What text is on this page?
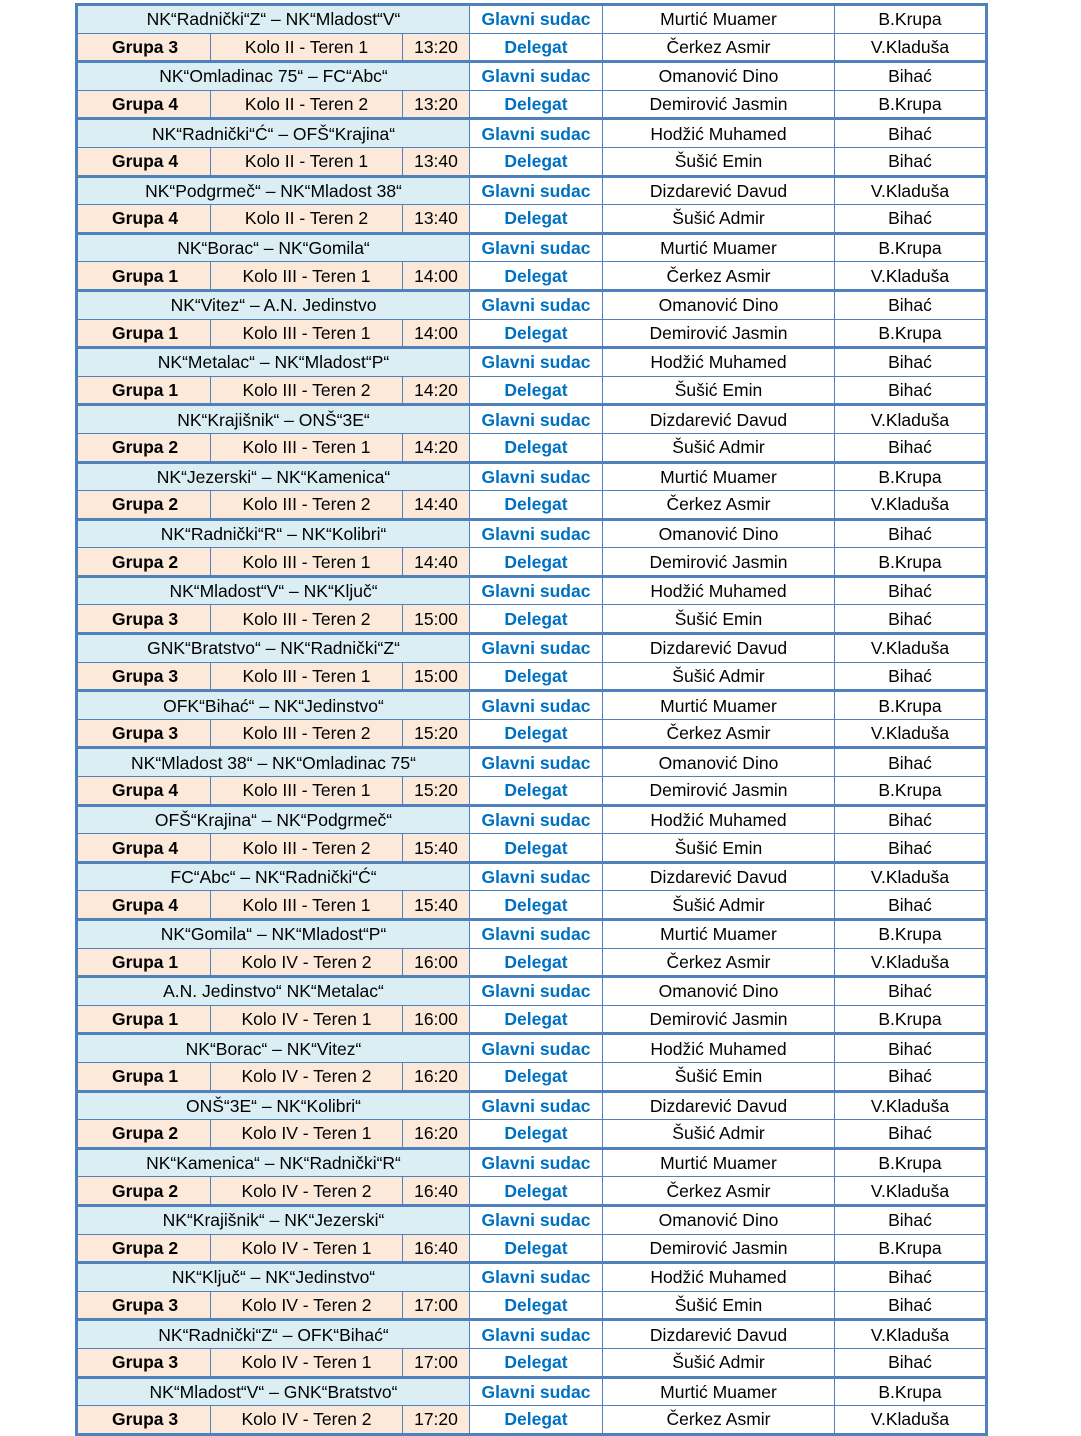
NK“Radnički“Z“ – NK“Mladost“V“			Glavni sudac	Murtić Muamer	B.Krupa
Grupa 3	Kolo II - Teren 1	13:20	Delegat	Čerkez Asmir	V.Kladuša
NK“Omladinac 75“ – FC“Abc“			Glavni sudac	Omanović Dino	Bihać
Grupa 4	Kolo II - Teren 2	13:20	Delegat	Demirović Jasmin	B.Krupa
NK“Radnički“Ć“ – OFŠ“Krajina“			Glavni sudac	Hodžić Muhamed	Bihać
Grupa 4	Kolo II - Teren 1	13:40	Delegat	Šušić Emin	Bihać
NK“Podgrmeč“ – NK“Mladost 38“			Glavni sudac	Dizdarević Davud	V.Kladuša
Grupa 4	Kolo II - Teren 2	13:40	Delegat	Šušić Admir	Bihać
NK“Borac“ – NK“Gomila“			Glavni sudac	Murtić Muamer	B.Krupa
Grupa 1	Kolo III - Teren 1	14:00	Delegat	Čerkez Asmir	V.Kladuša
NK“Vitez“ – A.N. Jedinstvo			Glavni sudac	Omanović Dino	Bihać
Grupa 1	Kolo III - Teren 1	14:00	Delegat	Demirović Jasmin	B.Krupa
NK“Metalac“ – NK“Mladost“P“			Glavni sudac	Hodžić Muhamed	Bihać
Grupa 1	Kolo III - Teren 2	14:20	Delegat	Šušić Emin	Bihać
NK“Krajišnik“ – ONŠ“3E“			Glavni sudac	Dizdarević Davud	V.Kladuša
Grupa 2	Kolo III - Teren 1	14:20	Delegat	Šušić Admir	Bihać
NK“Jezerski“ – NK“Kamenica“			Glavni sudac	Murtić Muamer	B.Krupa
Grupa 2	Kolo III - Teren 2	14:40	Delegat	Čerkez Asmir	V.Kladuša
NK“Radnički“R“ – NK“Kolibri“			Glavni sudac	Omanović Dino	Bihać
Grupa 2	Kolo III - Teren 1	14:40	Delegat	Demirović Jasmin	B.Krupa
NK“Mladost“V“ – NK“Ključ“			Glavni sudac	Hodžić Muhamed	Bihać
Grupa 3	Kolo III - Teren 2	15:00	Delegat	Šušić Emin	Bihać
GNK“Bratstvo“ – NK“Radnički“Z“			Glavni sudac	Dizdarević Davud	V.Kladuša
Grupa 3	Kolo III - Teren 1	15:00	Delegat	Šušić Admir	Bihać
OFK“Bihać“ – NK“Jedinstvo“			Glavni sudac	Murtić Muamer	B.Krupa
Grupa 3	Kolo III - Teren 2	15:20	Delegat	Čerkez Asmir	V.Kladuša
NK“Mladost 38“ – NK“Omladinac 75“			Glavni sudac	Omanović Dino	Bihać
Grupa 4	Kolo III - Teren 1	15:20	Delegat	Demirović Jasmin	B.Krupa
OFŠ“Krajina“ – NK“Podgrmeč“			Glavni sudac	Hodžić Muhamed	Bihać
Grupa 4	Kolo III - Teren 2	15:40	Delegat	Šušić Emin	Bihać
FC“Abc“ – NK“Radnički“Ć“			Glavni sudac	Dizdarević Davud	V.Kladuša
Grupa 4	Kolo III - Teren 1	15:40	Delegat	Šušić Admir	Bihać
NK“Gomila“ – NK“Mladost“P“			Glavni sudac	Murtić Muamer	B.Krupa
Grupa 1	Kolo IV - Teren 2	16:00	Delegat	Čerkez Asmir	V.Kladuša
A.N. Jedinstvo“ NK“Metalac“			Glavni sudac	Omanović Dino	Bihać
Grupa 1	Kolo IV - Teren 1	16:00	Delegat	Demirović Jasmin	B.Krupa
NK“Borac“ – NK“Vitez“			Glavni sudac	Hodžić Muhamed	Bihać
Grupa 1	Kolo IV - Teren 2	16:20	Delegat	Šušić Emin	Bihać
ONŠ“3E“ – NK“Kolibri“			Glavni sudac	Dizdarević Davud	V.Kladuša
Grupa 2	Kolo IV - Teren 1	16:20	Delegat	Šušić Admir	Bihać
NK“Kamenica“ – NK“Radnički“R“			Glavni sudac	Murtić Muamer	B.Krupa
Grupa 2	Kolo IV - Teren 2	16:40	Delegat	Čerkez Asmir	V.Kladuša
NK“Krajišnik“ – NK“Jezerski“			Glavni sudac	Omanović Dino	Bihać
Grupa 2	Kolo IV - Teren 1	16:40	Delegat	Demirović Jasmin	B.Krupa
NK“Ključ“ – NK“Jedinstvo“			Glavni sudac	Hodžić Muhamed	Bihać
Grupa 3	Kolo IV - Teren 2	17:00	Delegat	Šušić Emin	Bihać
NK“Radnički“Z“ – OFK“Bihać“			Glavni sudac	Dizdarević Davud	V.Kladuša
Grupa 3	Kolo IV - Teren 1	17:00	Delegat	Šušić Admir	Bihać
NK“Mladost“V“ – GNK“Bratstvo“			Glavni sudac	Murtić Muamer	B.Krupa
Grupa 3	Kolo IV - Teren 2	17:20	Delegat	Čerkez Asmir	V.Kladuša
